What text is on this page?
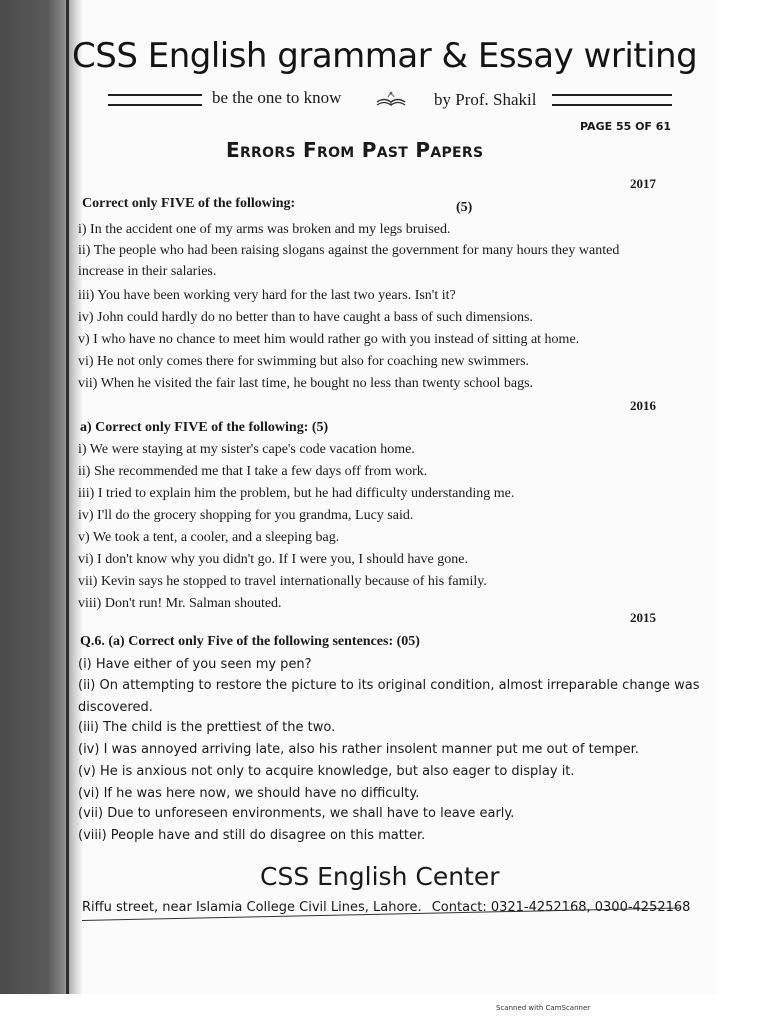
CSS English grammar & Essay writing
be the one to know	by Prof. Shakil
PAGE 55 OF 61
Errors From Past Papers
2017
Correct only FIVE of the following:	(5)
i) In the accident one of my arms was broken and my legs bruised.
ii) The people who had been raising slogans against the government for many hours they wanted
increase in their salaries.
iii) You have been working very hard for the last two years. Isn't it?
iv) John could hardly do no better than to have caught a bass of such dimensions.
v) I who have no chance to meet him would rather go with you instead of sitting at home.
vi) He not only comes there for swimming but also for coaching new swimmers.
vii) When he visited the fair last time, he bought no less than twenty school bags.
2016
a) Correct only FIVE of the following: (5)
i) We were staying at my sister's cape's code vacation home.
ii) She recommended me that I take a few days off from work.
iii) I tried to explain him the problem, but he had difficulty understanding me.
iv) I'll do the grocery shopping for you grandma, Lucy said.
v) We took a tent, a cooler, and a sleeping bag.
vi) I don't know why you didn't go. If I were you, I should have gone.
vii) Kevin says he stopped to travel internationally because of his family.
viii) Don't run! Mr. Salman shouted.
2015
Q.6. (a) Correct only Five of the following sentences: (05)
(i) Have either of you seen my pen?
(ii) On attempting to restore the picture to its original condition, almost irreparable change was
discovered.
(iii) The child is the prettiest of the two.
(iv) I was annoyed arriving late, also his rather insolent manner put me out of temper.
(v) He is anxious not only to acquire knowledge, but also eager to display it.
(vi) If he was here now, we should have no difficulty.
(vii) Due to unforeseen environments, we shall have to leave early.
(viii) People have and still do disagree on this matter.
CSS English Center
Riffu street, near Islamia College Civil Lines, Lahore. Contact: 0321-4252168, 0300-4252168
Scanned with CamScanner
